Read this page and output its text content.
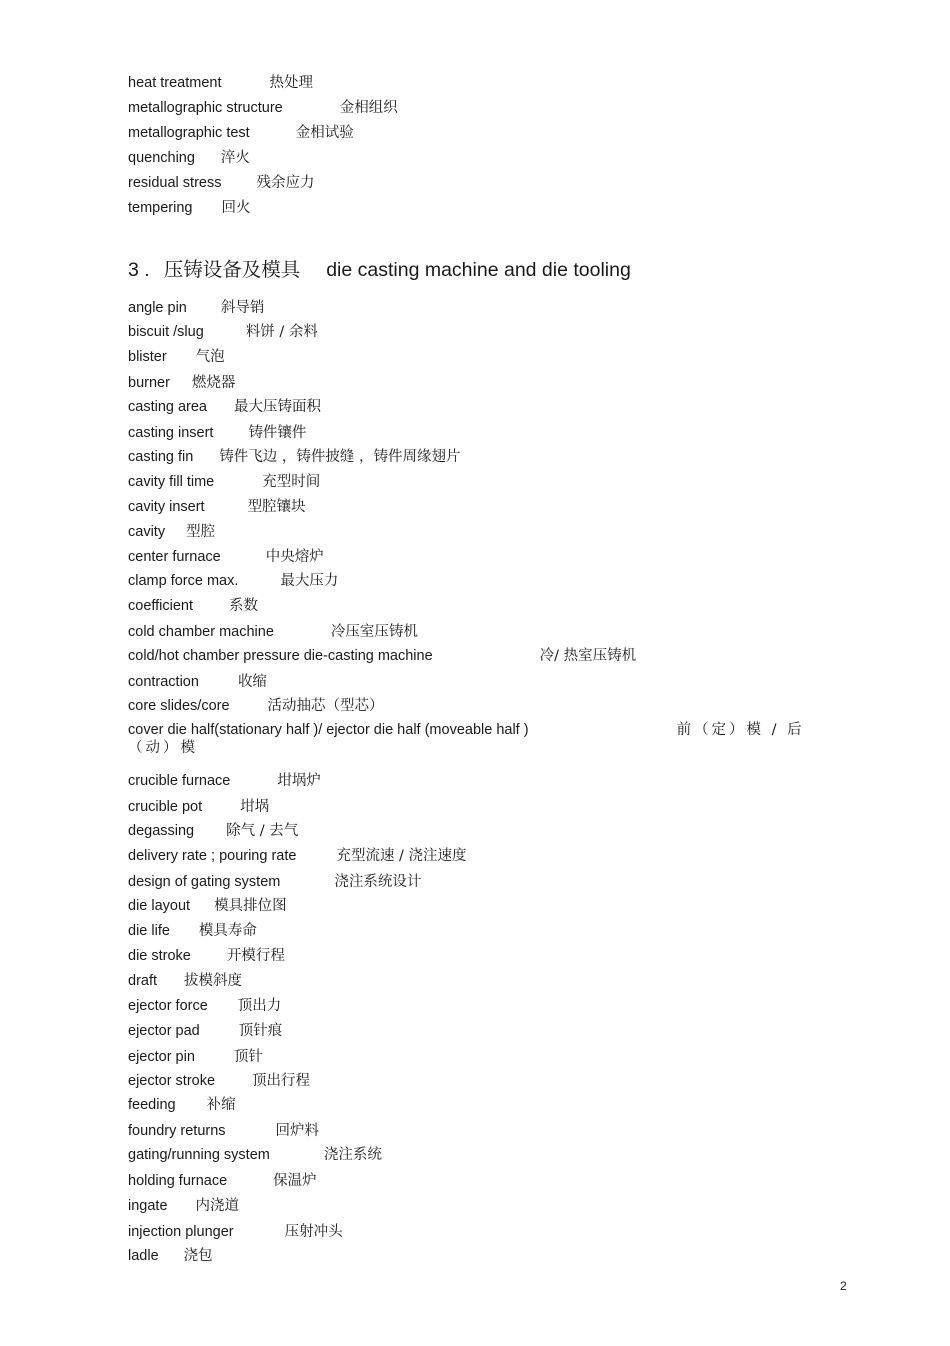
heat treatment	热处理
metallographic structure	金相组织
metallographic test	金相试验
quenching 淬火
residual stress 残余应力
tempering 回火
3 . 压铸设备及模具 die casting machine and die tooling
angle pin 斜导销
biscuit /slug	料饼 / 余料
blister 气泡
burner 燃烧器
casting area 最大压铸面积
casting insert 铸件镶件
casting fin 铸件飞边 ，铸件披缝 ，铸件周缘翅片
cavity fill time	充型时间
cavity insert	型腔镶块
cavity 型腔
center furnace	中央熔炉
clamp force max.	最大压力
coefficient 系数
cold chamber machine	冷压室压铸机
cold/hot chamber pressure die-casting machine	冷/ 热室压铸机
contraction	收缩
core slides/core	活动抽芯（型芯）
cover die half(stationary half )/ ejector die half (moveable half )	前（定）模 / 后（动）模
crucible furnace	坩埚炉
crucible pot	坩埚
degassing 除气 / 去气
delivery rate ; pouring rate	充型流速 / 浇注速度
design of gating system	浇注系统设计
die layout 模具排位图
die life 模具寿命
die stroke 开模行程
draft 拔模斜度
ejector force 顶出力
ejector pad	顶针痕
ejector pin	顶针
ejector stroke	顶出行程
feeding 补缩
foundry returns	回炉料
gating/running system	浇注系统
holding furnace	保温炉
ingate 内浇道
injection plunger	压射冲头
ladle 浇包
2
